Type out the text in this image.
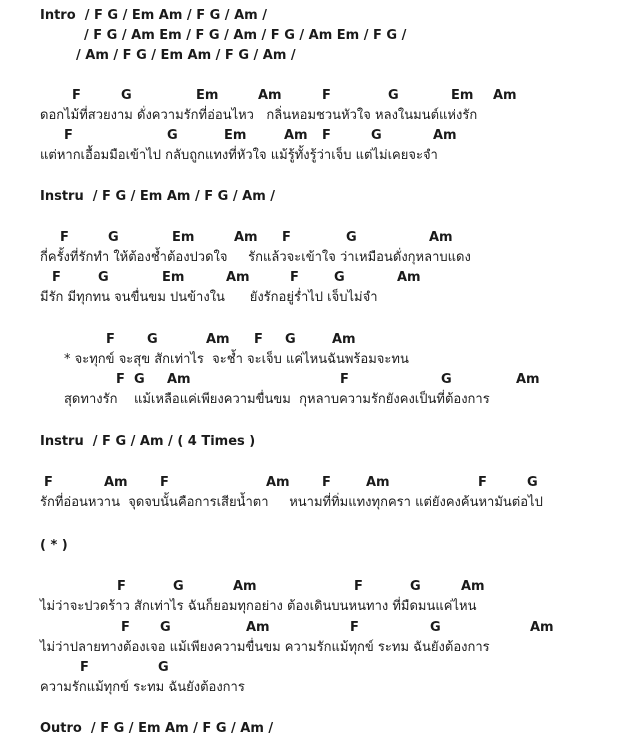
Intro  / F G / Em Am / F G / Am /
/ F G / Am Em / F G / Am / F G / Am Em / F G /
/ Am / F G / Em Am / F G / Am /
F	G	Em	Am	F	G	Em Am
ดอกไม้ที่สวยงาม ดั่งความรักที่อ่อนไหว   กลิ่นหอมชวนหัวใจ หลงในมนต์แห่งรัก
F	G	Em	Am F	G	Am
แต่หากเอื้อมมือเข้าไป กลับถูกแทงที่หัวใจ แม้รู้ทั้งรู้ว่าเจ็บ แต่ไม่เคยจะจำ
Instru  / F G / Em Am / F G / Am /
F	G	Em	Am F	G	Am
กี่ครั้งที่รักทำ ให้ต้องช้ำต้องปวดใจ     รักแล้วจะเข้าใจ ว่าเหมือนดั่งกุหลาบแดง
F	G	Em	Am	F	G	Am
มีรัก มีทุกทน จนขื่นขม ปนข้างใน      ยังรักอยู่ร่ำไป เจ็บไม่จำ
F G	Am F G	Am
* จะทุกข์ จะสุข สักเท่าไร  จะช้ำ จะเจ็บ แค่ไหนฉันพร้อมจะทน
F G Am	F	G	Am
สุดทางรัก    แม้เหลือแค่เพียงความขื่นขม  กุหลาบความรักยังคงเป็นที่ต้องการ
Instru  / F G / Am / ( 4 Times )
F	Am F	Am F	Am	F	G
รักที่อ่อนหวาน  จุดจบนั้นคือการเสียน้ำตา     หนามที่ทิ่มแทงทุกครา แต่ยังคงค้นหามันต่อไป
( * )
F	G	Am	F	G	Am
ไม่ว่าจะปวดร้าว สักเท่าไร ฉันก็ยอมทุกอย่าง ต้องเดินบนหนทาง ที่มืดมนแค่ไหน
F G	Am	F	G	Am
ไม่ว่าปลายทางต้องเจอ แม้เพียงความขื่นขม ความรักแม้ทุกข์ ระทม ฉันยังต้องการ
F	G
ความรักแม้ทุกข์ ระทม ฉันยังต้องการ
Outro  / F G / Em Am / F G / Am /
